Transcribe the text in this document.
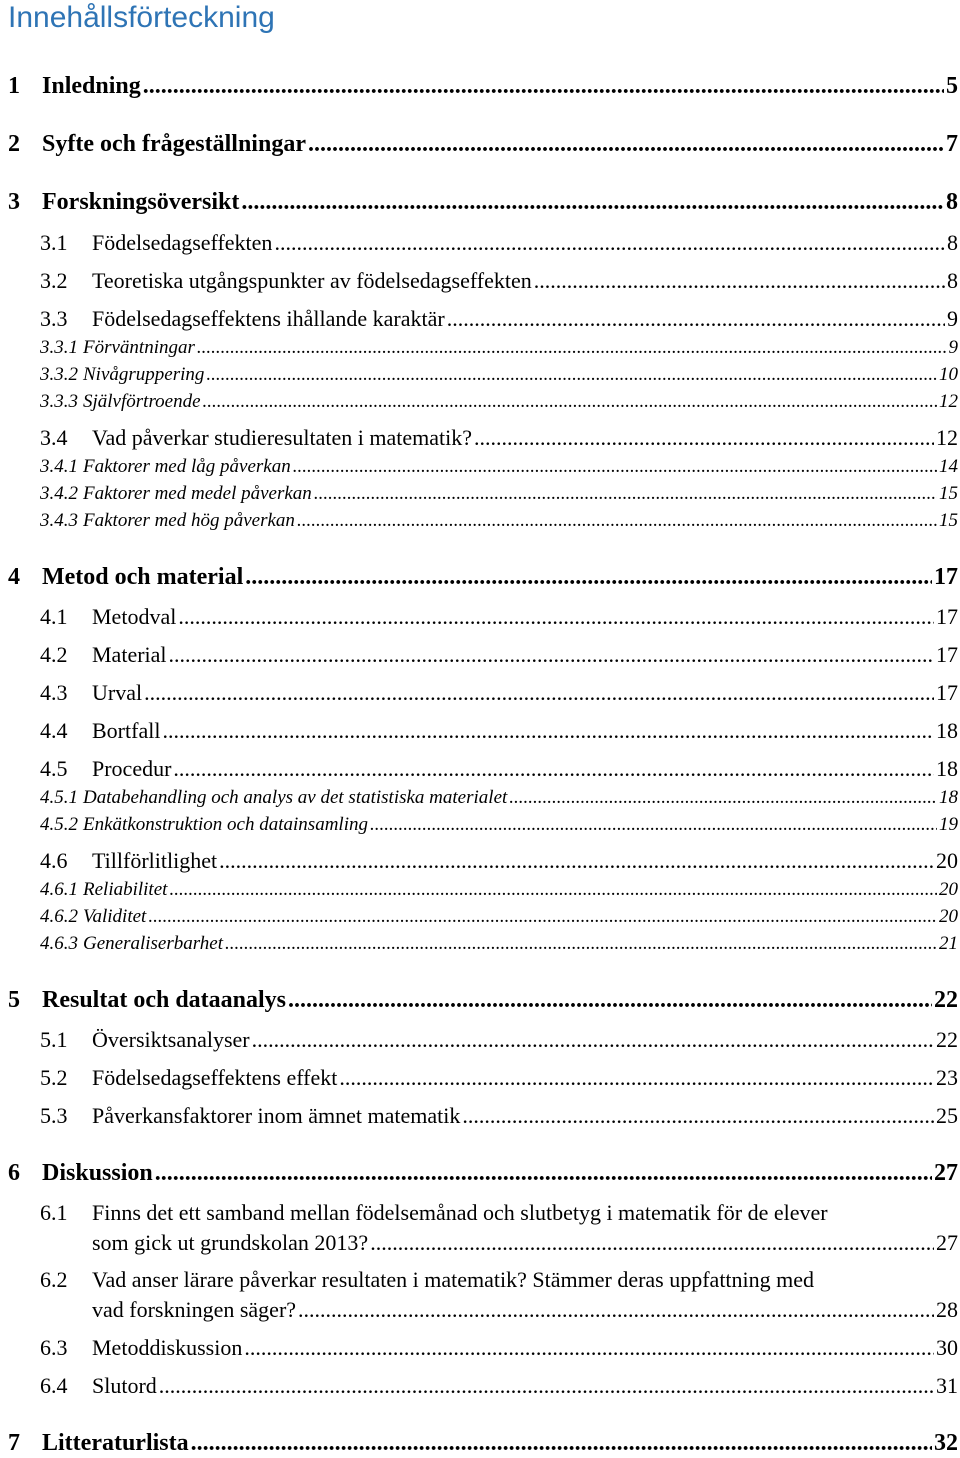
Innehållsförteckning
1 Inledning .....	5
2 Syfte och frågeställningar .....	7
3 Forskningsöversikt .....	8
3.1	Födelsedagseffekten .....	8
3.2	Teoretiska utgångspunkter av födelsedagseffekten .....	8
3.3	Födelsedagseffektens ihållande karaktär .....	9
3.3.1 Förväntningar .....	9
3.3.2 Nivågruppering .....	10
3.3.3 Självförtroende .....	12
3.4	Vad påverkar studieresultaten i matematik? .....	12
3.4.1 Faktorer med låg påverkan .....	14
3.4.2 Faktorer med medel påverkan .....	15
3.4.3 Faktorer med hög påverkan .....	15
4 Metod och material .....	17
4.1	Metodval .....	17
4.2	Material .....	17
4.3	Urval .....	17
4.4	Bortfall .....	18
4.5	Procedur .....	18
4.5.1 Databehandling och analys av det statistiska materialet .....	18
4.5.2 Enkätkonstruktion och datainsamling .....	19
4.6	Tillförlitlighet .....	20
4.6.1 Reliabilitet .....	20
4.6.2 Validitet .....	20
4.6.3 Generaliserbarhet .....	21
5 Resultat och dataanalys .....	22
5.1	Översiktsanalyser .....	22
5.2	Födelsedagseffektens effekt .....	23
5.3	Påverkansfaktorer inom ämnet matematik .....	25
6 Diskussion .....	27
6.1 Finns det ett samband mellan födelsemånad och slutbetyg i matematik för de elever
som gick ut grundskolan 2013? .....	27
6.2 Vad anser lärare påverkar resultaten i matematik? Stämmer deras uppfattning med
vad forskningen säger? .....	28
6.3	Metoddiskussion .....	30
6.4	Slutord .....	31
7 Litteraturlista .....	32
